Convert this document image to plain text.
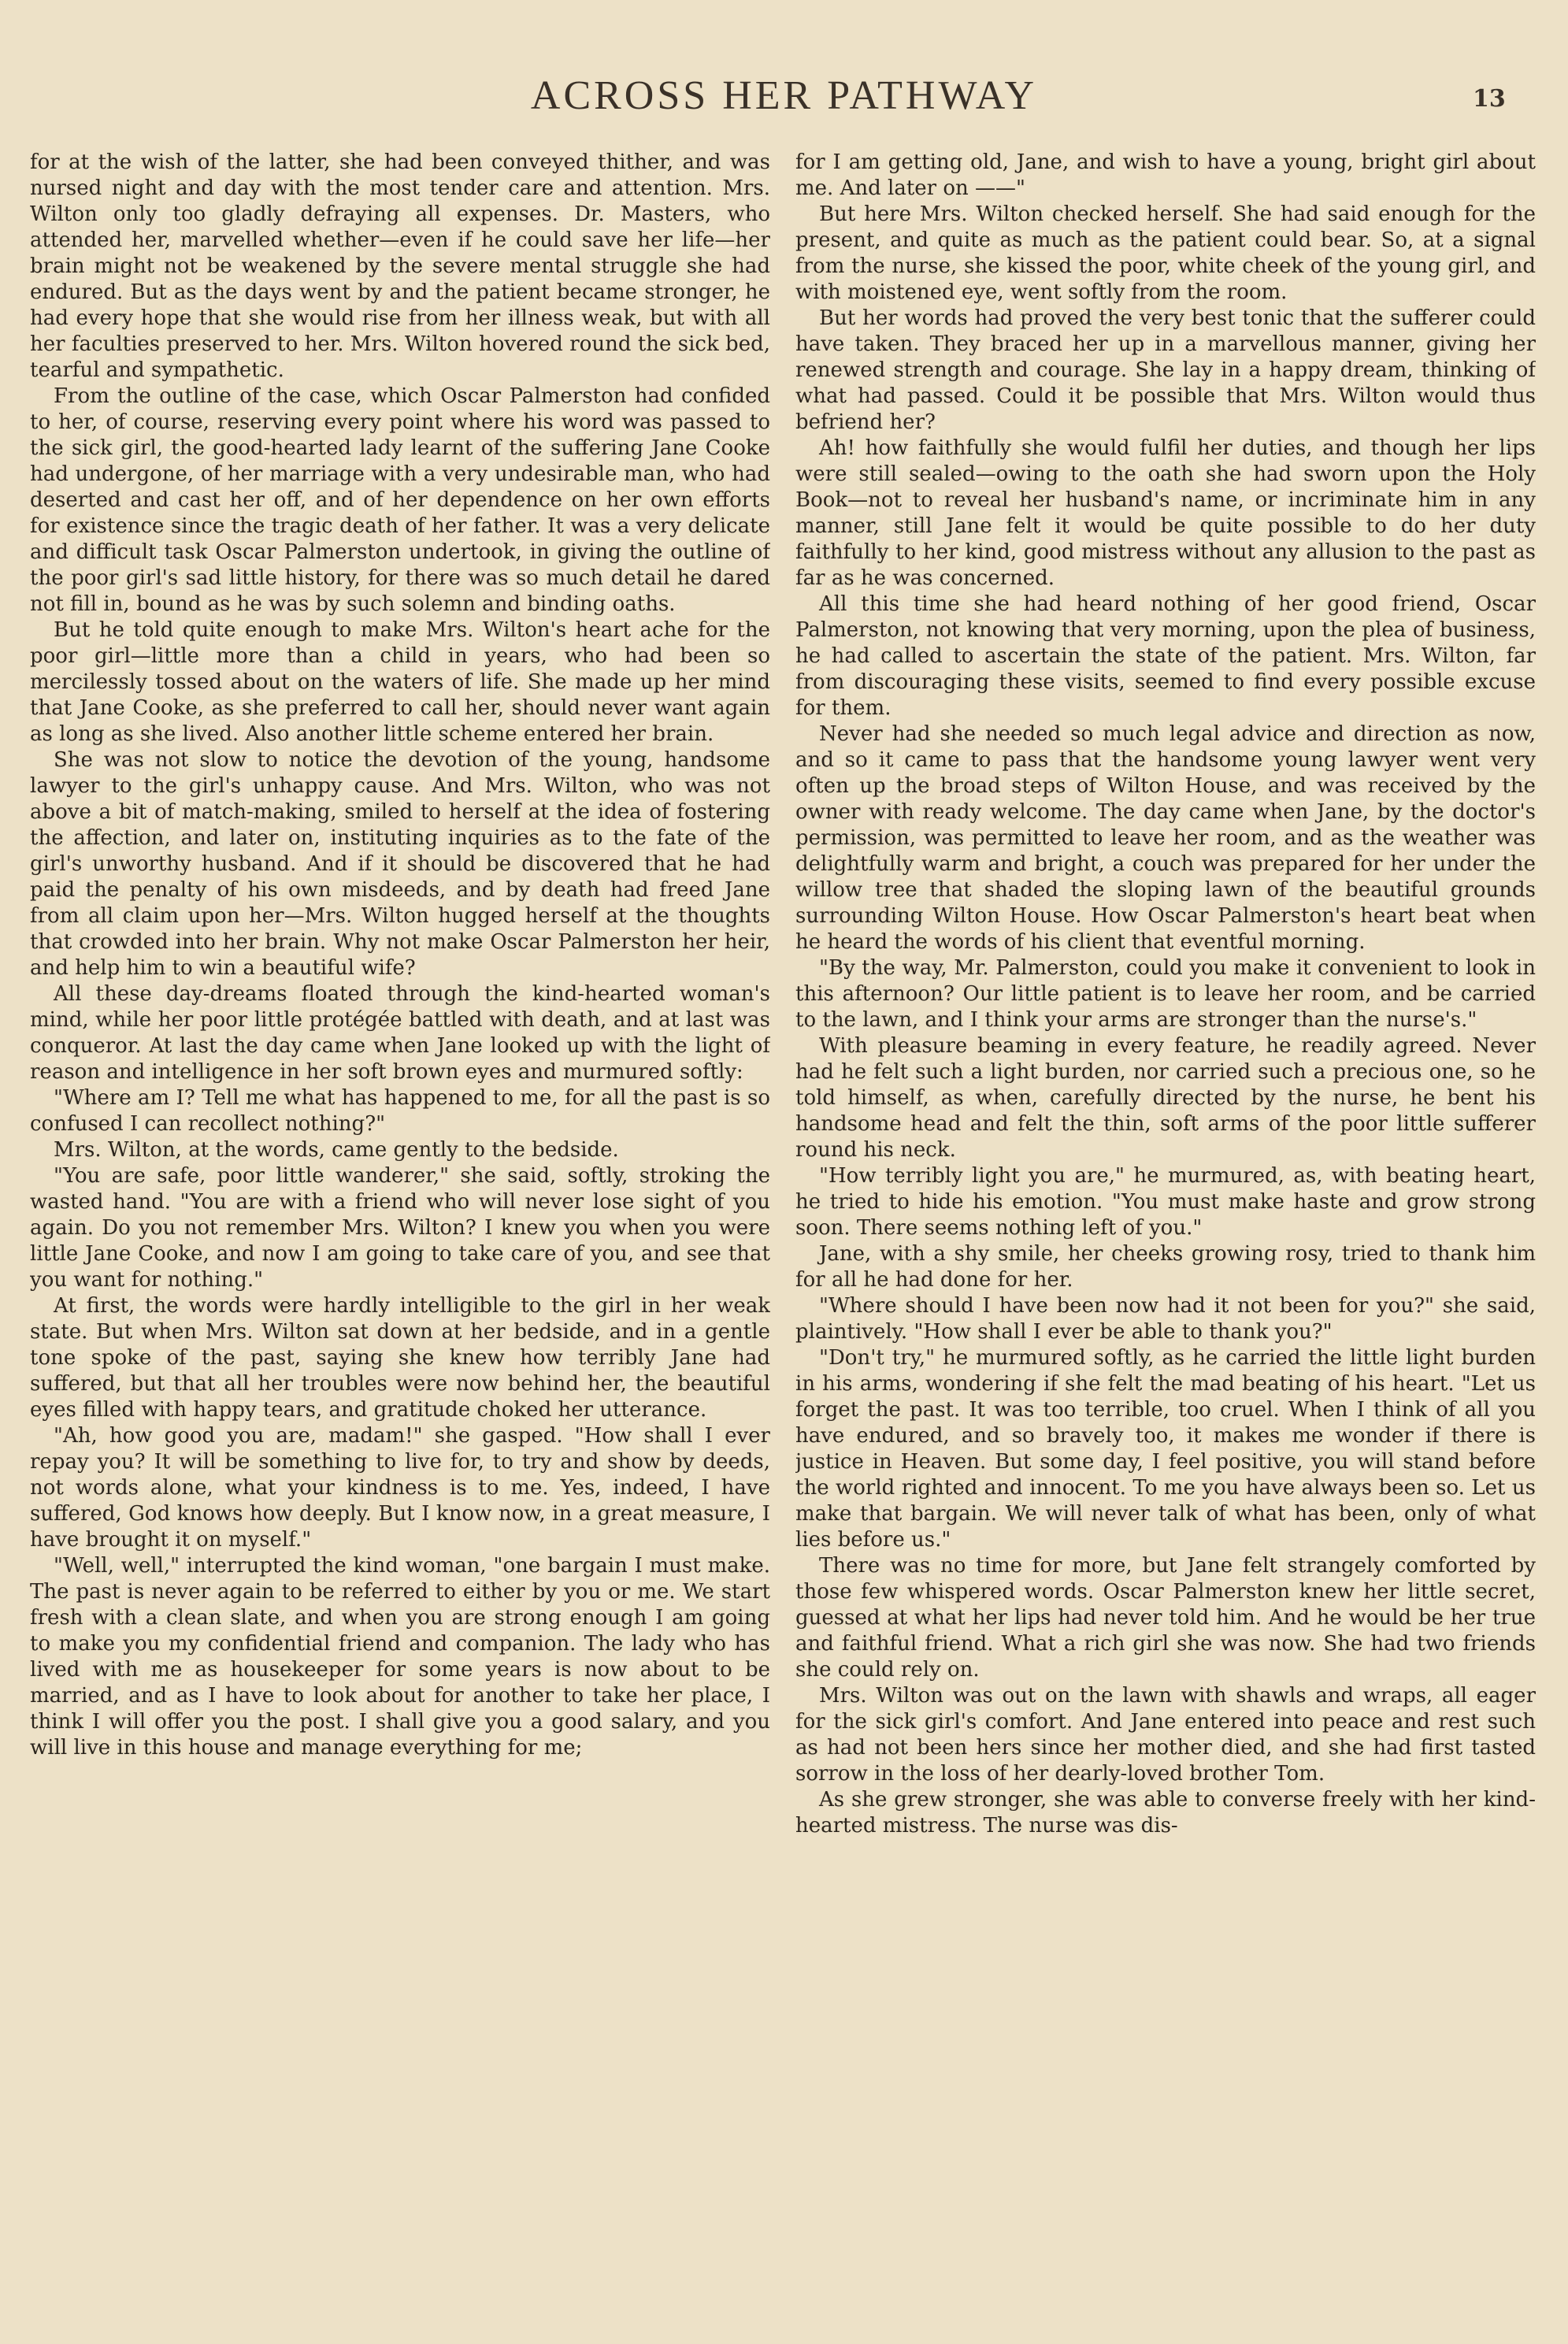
ACROSS HER PATHWAY	13

for at the wish of the latter, she had been conveyed thither, and was nursed night and day with the most tender care and attention. Mrs. Wilton only too gladly defraying all expenses. Dr. Masters, who attended her, marvelled whether—even if he could save her life—her brain might not be weakened by the severe mental struggle she had endured. But as the days went by and the patient became stronger, he had every hope that she would rise from her illness weak, but with all her faculties preserved to her. Mrs. Wilton hovered round the sick bed, tearful and sympathetic.

From the outline of the case, which Oscar Palmerston had confided to her, of course, reserving every point where his word was passed to the sick girl, the good-hearted lady learnt of the suffering Jane Cooke had undergone, of her marriage with a very undesirable man, who had deserted and cast her off, and of her dependence on her own efforts for existence since the tragic death of her father. It was a very delicate and difficult task Oscar Palmerston undertook, in giving the outline of the poor girl's sad little history, for there was so much detail he dared not fill in, bound as he was by such solemn and binding oaths.

But he told quite enough to make Mrs. Wilton's heart ache for the poor girl—little more than a child in years, who had been so mercilessly tossed about on the waters of life. She made up her mind that Jane Cooke, as she preferred to call her, should never want again as long as she lived. Also another little scheme entered her brain.

She was not slow to notice the devotion of the young, handsome lawyer to the girl's unhappy cause. And Mrs. Wilton, who was not above a bit of match-making, smiled to herself at the idea of fostering the affection, and later on, instituting inquiries as to the fate of the girl's unworthy husband. And if it should be discovered that he had paid the penalty of his own misdeeds, and by death had freed Jane from all claim upon her—Mrs. Wilton hugged herself at the thoughts that crowded into her brain. Why not make Oscar Palmerston her heir, and help him to win a beautiful wife?

All these day-dreams floated through the kind-hearted woman's mind, while her poor little protégée battled with death, and at last was conqueror. At last the day came when Jane looked up with the light of reason and intelligence in her soft brown eyes and murmured softly:

"Where am I? Tell me what has happened to me, for all the past is so confused I can recollect nothing?"

Mrs. Wilton, at the words, came gently to the bedside.

"You are safe, poor little wanderer," she said, softly, stroking the wasted hand. "You are with a friend who will never lose sight of you again. Do you not remember Mrs. Wilton? I knew you when you were little Jane Cooke, and now I am going to take care of you, and see that you want for nothing."

At first, the words were hardly intelligible to the girl in her weak state. But when Mrs. Wilton sat down at her bedside, and in a gentle tone spoke of the past, saying she knew how terribly Jane had suffered, but that all her troubles were now behind her, the beautiful eyes filled with happy tears, and gratitude choked her utterance.

"Ah, how good you are, madam!" she gasped. "How shall I ever repay you? It will be something to live for, to try and show by deeds, not words alone, what your kindness is to me. Yes, indeed, I have suffered, God knows how deeply. But I know now, in a great measure, I have brought it on myself."

"Well, well," interrupted the kind woman, "one bargain I must make. The past is never again to be referred to either by you or me. We start fresh with a clean slate, and when you are strong enough I am going to make you my confidential friend and companion. The lady who has lived with me as housekeeper for some years is now about to be married, and as I have to look about for another to take her place, I think I will offer you the post. I shall give you a good salary, and you will live in this house and manage everything for me;

for I am getting old, Jane, and wish to have a young, bright girl about me. And later on ——"

But here Mrs. Wilton checked herself. She had said enough for the present, and quite as much as the patient could bear. So, at a signal from the nurse, she kissed the poor, white cheek of the young girl, and with moistened eye, went softly from the room.

But her words had proved the very best tonic that the sufferer could have taken. They braced her up in a marvellous manner, giving her renewed strength and courage. She lay in a happy dream, thinking of what had passed. Could it be possible that Mrs. Wilton would thus befriend her?

Ah! how faithfully she would fulfil her duties, and though her lips were still sealed—owing to the oath she had sworn upon the Holy Book—not to reveal her husband's name, or incriminate him in any manner, still Jane felt it would be quite possible to do her duty faithfully to her kind, good mistress without any allusion to the past as far as he was concerned.

All this time she had heard nothing of her good friend, Oscar Palmerston, not knowing that very morning, upon the plea of business, he had called to ascertain the state of the patient. Mrs. Wilton, far from discouraging these visits, seemed to find every possible excuse for them.

Never had she needed so much legal advice and direction as now, and so it came to pass that the handsome young lawyer went very often up the broad steps of Wilton House, and was received by the owner with ready welcome. The day came when Jane, by the doctor's permission, was permitted to leave her room, and as the weather was delightfully warm and bright, a couch was prepared for her under the willow tree that shaded the sloping lawn of the beautiful grounds surrounding Wilton House. How Oscar Palmerston's heart beat when he heard the words of his client that eventful morning.

"By the way, Mr. Palmerston, could you make it convenient to look in this afternoon? Our little patient is to leave her room, and be carried to the lawn, and I think your arms are stronger than the nurse's."

With pleasure beaming in every feature, he readily agreed. Never had he felt such a light burden, nor carried such a precious one, so he told himself, as when, carefully directed by the nurse, he bent his handsome head and felt the thin, soft arms of the poor little sufferer round his neck.

"How terribly light you are," he murmured, as, with beating heart, he tried to hide his emotion. "You must make haste and grow strong soon. There seems nothing left of you."

Jane, with a shy smile, her cheeks growing rosy, tried to thank him for all he had done for her.

"Where should I have been now had it not been for you?" she said, plaintively. "How shall I ever be able to thank you?"

"Don't try," he murmured softly, as he carried the little light burden in his arms, wondering if she felt the mad beating of his heart. "Let us forget the past. It was too terrible, too cruel. When I think of all you have endured, and so bravely too, it makes me wonder if there is justice in Heaven. But some day, I feel positive, you will stand before the world righted and innocent. To me you have always been so. Let us make that bargain. We will never talk of what has been, only of what lies before us."

There was no time for more, but Jane felt strangely comforted by those few whispered words. Oscar Palmerston knew her little secret, guessed at what her lips had never told him. And he would be her true and faithful friend. What a rich girl she was now. She had two friends she could rely on.

Mrs. Wilton was out on the lawn with shawls and wraps, all eager for the sick girl's comfort. And Jane entered into peace and rest such as had not been hers since her mother died, and she had first tasted sorrow in the loss of her dearly-loved brother Tom.

As she grew stronger, she was able to converse freely with her kind-hearted mistress. The nurse was dis-
